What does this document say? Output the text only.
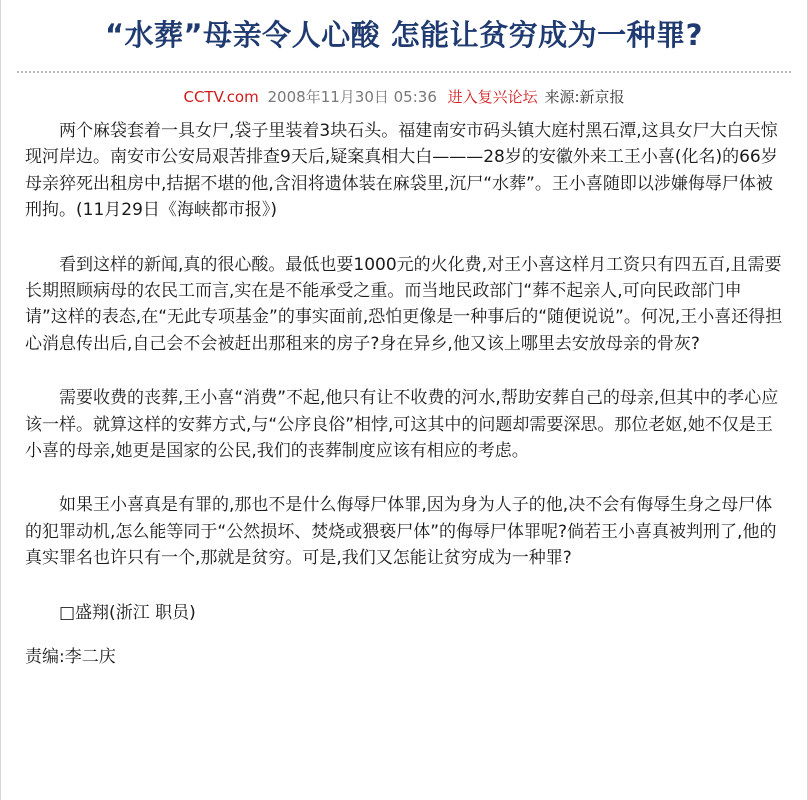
“水葬”母亲令人心酸 怎能让贫穷成为一种罪?
CCTV.com 2008年11月30日 05:36 进入复兴论坛 来源:新京报

两个麻袋套着一具女尸,袋子里装着3块石头。福建南安市码头镇大庭村黑石潭,这具女尸大白天惊现河岸边。南安市公安局艰苦排查9天后,疑案真相大白———28岁的安徽外来工王小喜(化名)的66岁母亲猝死出租房中,拮据不堪的他,含泪将遗体装在麻袋里,沉尸“水葬”。王小喜随即以涉嫌侮辱尸体被刑拘。(11月29日《海峡都市报》)

看到这样的新闻,真的很心酸。最低也要1000元的火化费,对王小喜这样月工资只有四五百,且需要长期照顾病母的农民工而言,实在是不能承受之重。而当地民政部门“葬不起亲人,可向民政部门申请”这样的表态,在“无此专项基金”的事实面前,恐怕更像是一种事后的“随便说说”。何况,王小喜还得担心消息传出后,自己会不会被赶出那租来的房子?身在异乡,他又该上哪里去安放母亲的骨灰?

需要收费的丧葬,王小喜“消费”不起,他只有让不收费的河水,帮助安葬自己的母亲,但其中的孝心应该一样。就算这样的安葬方式,与“公序良俗”相悖,可这其中的问题却需要深思。那位老妪,她不仅是王小喜的母亲,她更是国家的公民,我们的丧葬制度应该有相应的考虑。

如果王小喜真是有罪的,那也不是什么侮辱尸体罪,因为身为人子的他,决不会有侮辱生身之母尸体的犯罪动机,怎么能等同于“公然损坏、焚烧或猥亵尸体”的侮辱尸体罪呢?倘若王小喜真被判刑了,他的真实罪名也许只有一个,那就是贫穷。可是,我们又怎能让贫穷成为一种罪?

□盛翔(浙江 职员)

责编:李二庆
